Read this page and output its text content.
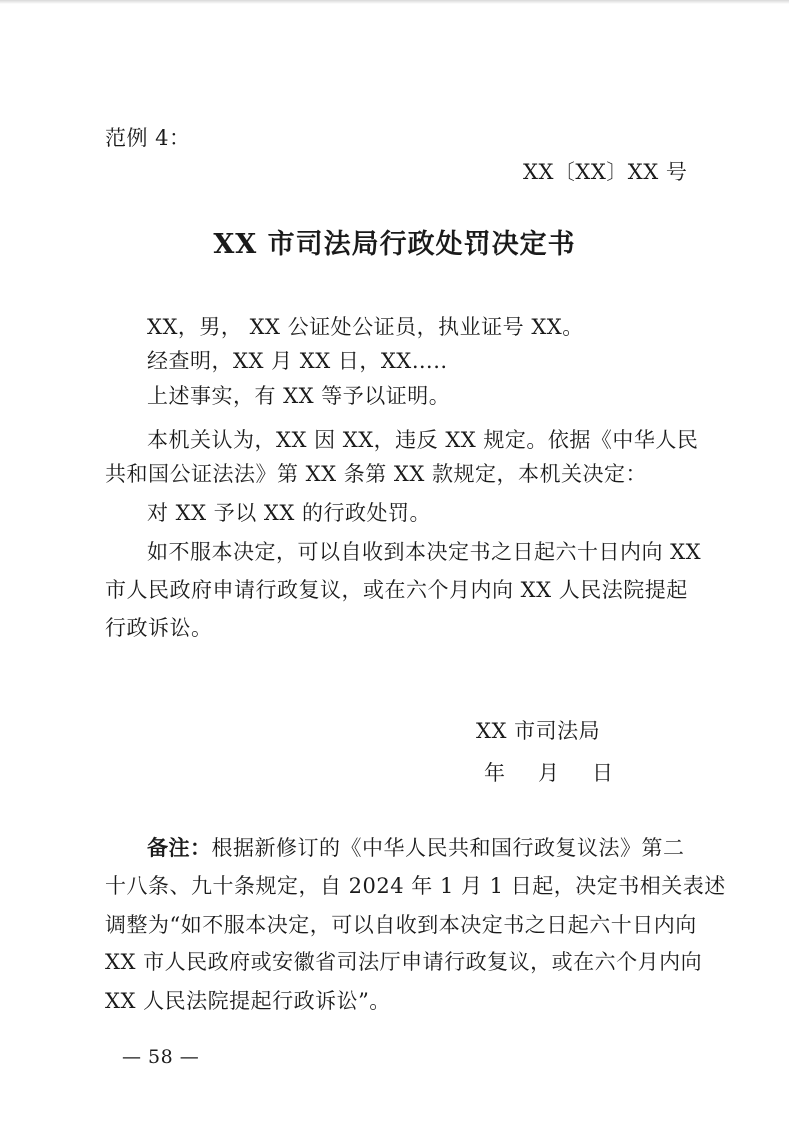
范例 4：
XX〔XX〕XX 号
XX 市司法局行政处罚决定书
XX，男， XX 公证处公证员，执业证号 XX。
经查明，XX 月 XX 日，XX…..
上述事实，有 XX 等予以证明。
本机关认为，XX 因 XX，违反 XX 规定。依据《中华人民
共和国公证法法》第 XX 条第 XX 款规定，本机关决定：
对 XX 予以 XX 的行政处罚。
如不服本决定，可以自收到本决定书之日起六十日内向 XX
市人民政府申请行政复议，或在六个月内向 XX 人民法院提起
行政诉讼。
XX 市司法局
年 月 日
备注：根据新修订的《中华人民共和国行政复议法》第二
十八条、九十条规定，自 2024 年 1 月 1 日起，决定书相关表述
调整为“如不服本决定，可以自收到本决定书之日起六十日内向
XX 市人民政府或安徽省司法厅申请行政复议，或在六个月内向
XX 人民法院提起行政诉讼”。
— 58 —
